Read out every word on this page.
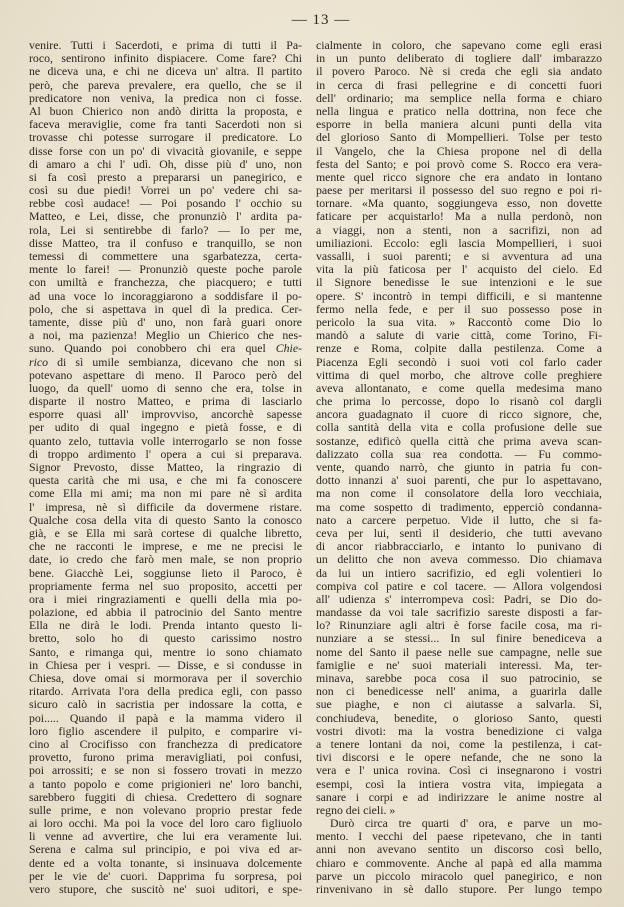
— 13 —
venire. Tutti i Sacerdoti, e prima di tutti il Pa-
roco, sentirono infinito dispiacere. Come fare? Chi
ne diceva una, e chi ne diceva un' altra. Il partito
però, che pareva prevalere, era quello, che se il
predicatore non veniva, la predica non ci fosse.
Al buon Chierico non andò diritta la proposta, e
faceva meraviglie, come fra tanti Sacerdoti non si
trovasse chi potesse surrogare il predicatore. Lo
disse forse con un po' di vivacità giovanile, e seppe
di amaro a chi l' udì. Oh, disse più d' uno, non
si fa così presto a prepararsi un panegirico, e
così su due piedi! Vorrei un po' vedere chi sa-
rebbe così audace! — Poi posando l' occhio su
Matteo, e Lei, disse, che pronunziò l' ardita pa-
rola, Lei si sentirebbe di farlo? — Io per me,
disse Matteo, tra il confuso e tranquillo, se non
temessi di commettere una sgarbatezza, certa-
mente lo farei! — Pronunziò queste poche parole
con umiltà e franchezza, che piacquero; e tutti
ad una voce lo incoraggiarono a soddisfare il po-
polo, che si aspettava in quel dì la predica. Cer-
tamente, disse più d' uno, non farà guari onore
a noi, ma pazienza! Meglio un Chierico che nes-
suno. Quando poi conobbero chi era quel Chie-
rico di sì umile sembianza, dicevano che non si
potevano aspettare di meno. Il Paroco però del
luogo, da quell' uomo di senno che era, tolse in
disparte il nostro Matteo, e prima di lasciarlo
esporre quasi all' improvviso, ancorchè sapesse
per udito di qual ingegno e pietà fosse, e di
quanto zelo, tuttavia volle interrogarlo se non fosse
di troppo ardimento l' opera a cui si preparava.
Signor Prevosto, disse Matteo, la ringrazio di
questa carità che mi usa, e che mi fa conoscere
come Ella mi ami; ma non mi pare nè sì ardita
l' impresa, nè sì difficile da dovermene ristare.
Qualche cosa della vita di questo Santo la conosco
già, e se Ella mi sarà cortese di qualche libretto,
che ne racconti le imprese, e me ne precisi le
date, io credo che farò men male, se non proprio
bene. Giacchè Lei, soggiunse lieto il Paroco, è
propriamente ferma nel suo proposito, accetti per
ora i miei ringraziamenti e quelli della mia po-
polazione, ed abbia il patrocinio del Santo mentre
Ella ne dirà le lodi. Prenda intanto questo li-
bretto, solo ho di questo carissimo nostro
Santo, e rimanga qui, mentre io sono chiamato
in Chiesa per i vespri. — Disse, e si condusse in
Chiesa, dove omai si mormorava per il soverchio
ritardo. Arrivata l'ora della predica egli, con passo
sicuro calò in sacristia per indossare la cotta, e
poi..... Quando il papà e la mamma videro il
loro figlio ascendere il pulpito, e comparire vi-
cino al Crocifisso con franchezza di predicatore
provetto, furono prima meravigliati, poi confusi,
poi arrossiti; e se non si fossero trovati in mezzo
a tanto popolo e come prigionieri ne' loro banchi,
sarebbero fuggiti di chiesa. Credettero di sognare
sulle prime, e non volevano proprio prestar fede
ai loro occhi. Ma poi la voce del loro caro figliuolo
li venne ad avvertire, che lui era veramente lui.
Serena e calma sul principio, e poi viva ed ar-
dente ed a volta tonante, si insinuava dolcemente
per le vie de' cuori. Dapprima fu sorpresa, poi
vero stupore, che suscitò ne' suoi uditori, e spe-
cialmente in coloro, che sapevano come egli erasi
in un punto deliberato di togliere dall' imbarazzo
il povero Paroco. Nè si creda che egli sia andato
in cerca di frasi pellegrine e di concetti fuori
dell' ordinario; ma semplice nella forma e chiaro
nella lingua e pratico nella dottrina, non fece che
esporre in bella maniera alcuni punti della vita
del glorioso Santo di Mompellieri. Tolse per testo
il Vangelo, che la Chiesa propone nel dì della
festa del Santo; e poi provò come S. Rocco era vera-
mente quel ricco signore che era andato in lontano
paese per meritarsi il possesso del suo regno e poi ri-
tornare. «Ma quanto, soggiungeva esso, non dovette
faticare per acquistarlo! Ma a nulla perdonò, non
a viaggi, non a stenti, non a sacrifizi, non ad
umiliazioni. Eccolo: egli lascia Mompellieri, i suoi
vassalli, i suoi parenti; e si avventura ad una
vita la più faticosa per l' acquisto del cielo. Ed
il Signore benedisse le sue intenzioni e le sue
opere. S' incontrò in tempi difficili, e si mantenne
fermo nella fede, e per il suo possesso pose in
pericolo la sua vita. » Raccontò come Dio lo
mandò a salute di varie città, come Torino, Fi-
renze e Roma, colpite dalla pestilenza. Come a
Piacenza Egli secondò i suoi voti col farlo cader
vittima di quel morbo, che altrove colle preghiere
aveva allontanato, e come quella medesima mano
che prima lo percosse, dopo lo risanò col dargli
ancora guadagnato il cuore di ricco signore, che,
colla santità della vita e colla profusione delle sue
sostanze, edificò quella città che prima aveva scan-
dalizzato colla sua rea condotta. — Fu commo-
vente, quando narrò, che giunto in patria fu con-
dotto innanzi a' suoi parenti, che pur lo aspettavano,
ma non come il consolatore della loro vecchiaia,
ma come sospetto di tradimento, epperciò condanna-
nato a carcere perpetuo. Vide il lutto, che si fa-
ceva per lui, sentì il desiderio, che tutti avevano
di ancor riabbracciarlo, e intanto lo punivano di
un delitto che non aveva commesso. Dio chiamava
da lui un intiero sacrifizio, ed egli volentieri lo
compiva col patire e col tacere. — Allora volgendosi
all' udienza s' interrompeva così: Padri, se Dio do-
mandasse da voi tale sacrifizio sareste disposti a far-
lo? Rinunziare agli altri è forse facile cosa, ma ri-
nunziare a se stessi... In sul finire benediceva a
nome del Santo il paese nelle sue campagne, nelle sue
famiglie e ne' suoi materiali interessi. Ma, ter-
minava, sarebbe poca cosa il suo patrocinio, se
non ci benedicesse nell' anima, a guarirla dalle
sue piaghe, e non ci aiutasse a salvarla. Sì,
conchiudeva, benedite, o glorioso Santo, questi
vostri divoti: ma la vostra benedizione ci valga
a tenere lontani da noi, come la pestilenza, i cat-
tivi discorsi e le opere nefande, che ne sono la
vera e l' unica rovina. Così ci insegnarono i vostri
esempi, così la intiera vostra vita, impiegata a
sanare i corpi e ad indirizzare le anime nostre al
regno dei cieli. »
Durò circa tre quarti d' ora, e parve un mo-
mento. I vecchi del paese ripetevano, che in tanti
anni non avevano sentito un discorso così bello,
chiaro e commovente. Anche al papà ed alla mamma
parve un piccolo miracolo quel panegirico, e non
rinvenivano in sè dallo stupore. Per lungo tempo
